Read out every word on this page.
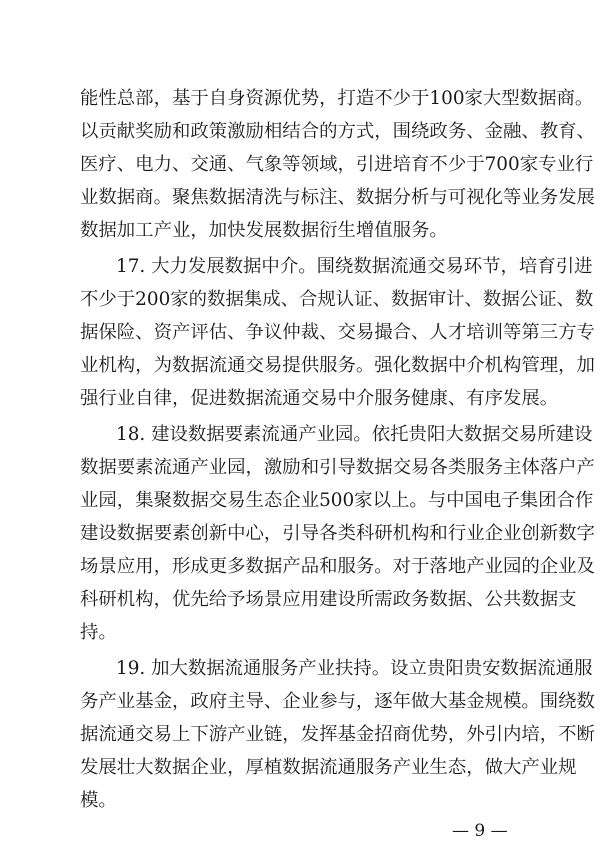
能性总部，基于自身资源优势，打造不少于100家大型数据商。
以贡献奖励和政策激励相结合的方式，围绕政务、金融、教育、
医疗、电力、交通、气象等领域，引进培育不少于700家专业行
业数据商。聚焦数据清洗与标注、数据分析与可视化等业务发展
数据加工产业，加快发展数据衍生增值服务。
17. 大力发展数据中介。围绕数据流通交易环节，培育引进
不少于200家的数据集成、合规认证、数据审计、数据公证、数
据保险、资产评估、争议仲裁、交易撮合、人才培训等第三方专
业机构，为数据流通交易提供服务。强化数据中介机构管理，加
强行业自律，促进数据流通交易中介服务健康、有序发展。
18. 建设数据要素流通产业园。依托贵阳大数据交易所建设
数据要素流通产业园，激励和引导数据交易各类服务主体落户产
业园，集聚数据交易生态企业500家以上。与中国电子集团合作
建设数据要素创新中心，引导各类科研机构和行业企业创新数字
场景应用，形成更多数据产品和服务。对于落地产业园的企业及
科研机构，优先给予场景应用建设所需政务数据、公共数据支
持。
19. 加大数据流通服务产业扶持。设立贵阳贵安数据流通服
务产业基金，政府主导、企业参与，逐年做大基金规模。围绕数
据流通交易上下游产业链，发挥基金招商优势，外引内培，不断
发展壮大数据企业，厚植数据流通服务产业生态，做大产业规
模。
— 9 —
